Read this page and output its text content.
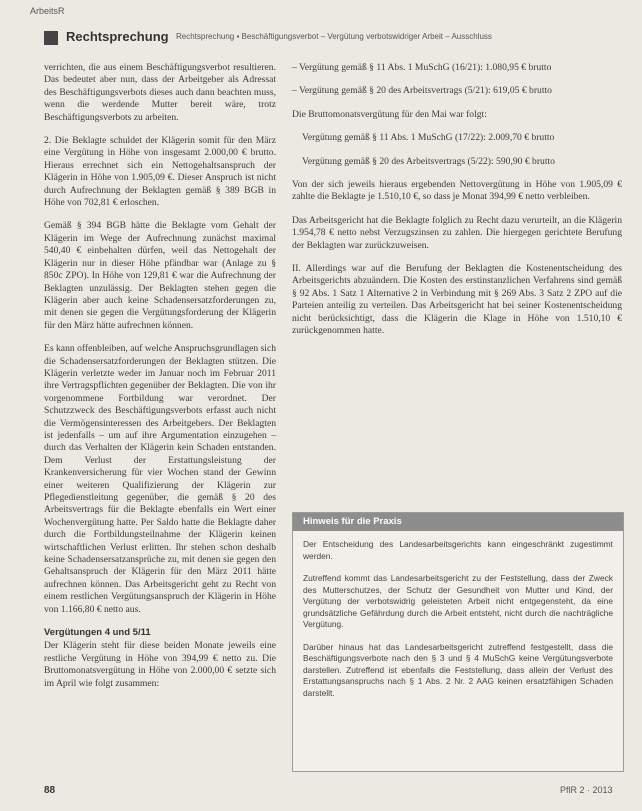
ArbeitsR
Rechtsprechung Rechtsprechung ▪ Beschäftigungsverbot – Vergütung verbotswidriger Arbeit – Ausschluss

verrichten, die aus einem Beschäftigungsverbot resultieren. Das bedeutet aber nun, dass der Arbeitgeber als Adressat des Beschäftigungsverbots dieses auch dann beachten muss, wenn die werdende Mutter bereit wäre, trotz Beschäftigungsverbots zu arbeiten.

2. Die Beklagte schuldet der Klägerin somit für den März eine Vergütung in Höhe von insgesamt 2.000,00 € brutto. Hieraus errechnet sich ein Nettogehaltsanspruch der Klägerin in Höhe von 1.905,09 €. Dieser Anspruch ist nicht durch Aufrechnung der Beklagten gemäß § 389 BGB in Höhe von 702,81 € erloschen.

Gemäß § 394 BGB hätte die Beklagte vom Gehalt der Klägerin im Wege der Aufrechnung zunächst maximal 540,40 € einbehalten dürfen, weil das Nettogehalt der Klägerin nur in dieser Höhe pfändbar war (Anlage zu § 850c ZPO). In Höhe von 129,81 € war die Aufrechnung der Beklagten unzulässig. Der Beklagten stehen gegen die Klägerin aber auch keine Schadensersatzforderungen zu, mit denen sie gegen die Vergütungsforderung der Klägerin für den März hätte aufrechnen können.

Es kann offenbleiben, auf welche Anspruchsgrundlagen sich die Schadensersatzforderungen der Beklagten stützen. Die Klägerin verletzte weder im Januar noch im Februar 2011 ihre Vertragspflichten gegenüber der Beklagten. Die von ihr vorgenommene Fortbildung war verordnet. Der Schutzzweck des Beschäftigungsverbots erfasst auch nicht die Vermögensinteressen des Arbeitgebers. Der Beklagten ist jedenfalls – um auf ihre Argumentation einzugehen – durch das Verhalten der Klägerin kein Schaden entstanden. Dem Verlust der Erstattungsleistung der Krankenversicherung für vier Wochen stand der Gewinn einer weiteren Qualifizierung der Klägerin zur Pflegedienstleitung gegenüber, die gemäß § 20 des Arbeitsvertrags für die Beklagte ebenfalls ein Wert einer Wochenvergütung hatte. Per Saldo hatte die Beklagte daher durch die Fortbildungsteilnahme der Klägerin keinen wirtschaftlichen Verlust erlitten. Ihr stehen schon deshalb keine Schadensersatzansprüche zu, mit denen sie gegen den Gehaltsanspruch der Klägerin für den März 2011 hätte aufrechnen können. Das Arbeitsgericht geht zu Recht von einem restlichen Vergütungsanspruch der Klägerin in Höhe von 1.166,80 € netto aus.

Vergütungen 4 und 5/11

Der Klägerin steht für diese beiden Monate jeweils eine restliche Vergütung in Höhe von 394,99 € netto zu. Die Bruttomonatsvergütung in Höhe von 2.000,00 € setzte sich im April wie folgt zusammen:

– Vergütung gemäß § 11 Abs. 1 MuSchG (16/21): 1.080,95 € brutto

– Vergütung gemäß § 20 des Arbeitsvertrags (5/21): 619,05 € brutto

Die Bruttomonatsvergütung für den Mai war folgt:

Vergütung gemäß § 11 Abs. 1 MuSchG (17/22): 2.009,70 € brutto

Vergütung gemäß § 20 des Arbeitsvertrags (5/22): 590,90 € brutto

Von der sich jeweils hieraus ergebenden Nettovergütung in Höhe von 1.905,09 € zahlte die Beklagte je 1.510,10 €, so dass je Monat 394,99 € netto verbleiben.

Das Arbeitsgericht hat die Beklagte folglich zu Recht dazu verurteilt, an die Klägerin 1.954,78 € netto nebst Verzugszinsen zu zahlen. Die hiergegen gerichtete Berufung der Beklagten war zurückzuweisen.

II. Allerdings war auf die Berufung der Beklagten die Kostenentscheidung des Arbeitsgerichts abzuändern. Die Kosten des erstinstanzlichen Verfahrens sind gemäß § 92 Abs. 1 Satz 1 Alternative 2 in Verbindung mit § 269 Abs. 3 Satz 2 ZPO auf die Parteien anteilig zu verteilen. Das Arbeitsgericht hat bei seiner Kostenentscheidung nicht berücksichtigt, dass die Klägerin die Klage in Höhe von 1.510,10 € zurückgenommen hatte.

Hinweis für die Praxis

Der Entscheidung des Landesarbeitsgerichts kann eingeschränkt zugestimmt werden.

Zutreffend kommt das Landesarbeitsgericht zu der Feststellung, dass der Zweck des Mutterschutzes, der Schutz der Gesundheit von Mutter und Kind, der Vergütung der verbotswidrig geleisteten Arbeit nicht entgegensteht, da eine grundsätzliche Gefährdung durch die Arbeit entsteht, nicht durch die nachträgliche Vergütung.

Darüber hinaus hat das Landesarbeitsgericht zutreffend festgestellt, dass die Beschäftigungsverbote nach den § 3 und § 4 MuSchG keine Vergütungsverbote darstellen. Zutreffend ist ebenfalls die Feststellung, dass allein der Verlust des Erstattungsanspruchs nach § 1 Abs. 2 Nr. 2 AAG keinen ersatzfähigen Schaden darstellt.

88	PflR 2 · 2013
